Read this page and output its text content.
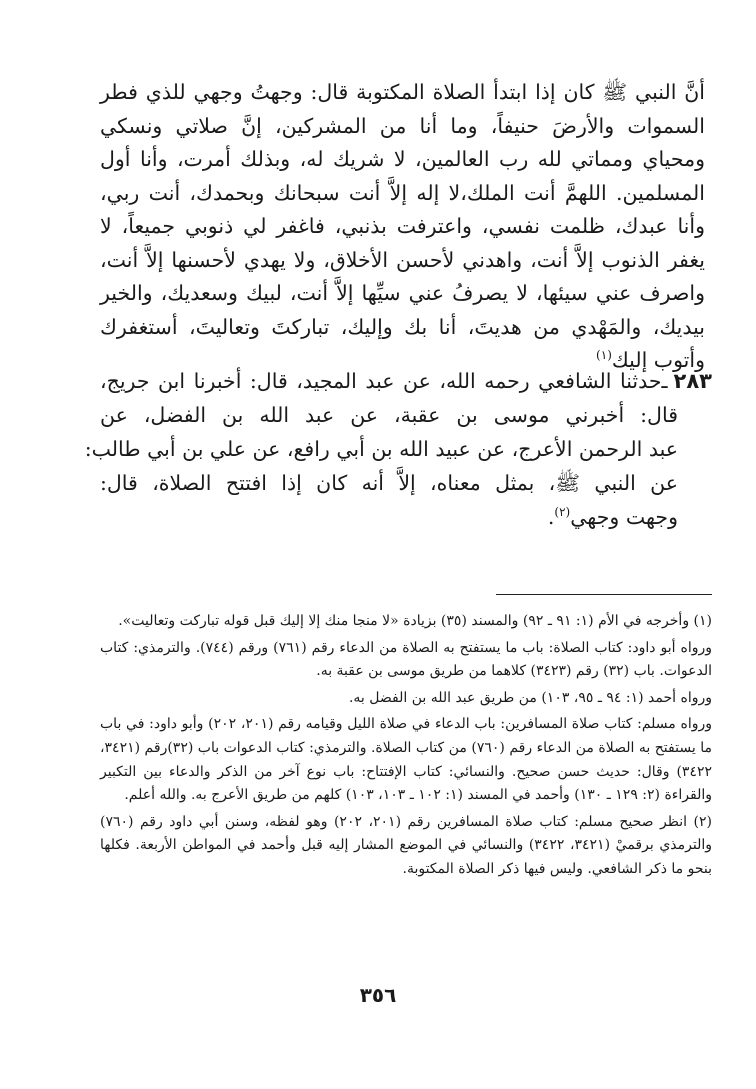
أنَّ النبي ﷺ كان إذا ابتدأ الصلاة المكتوبة قال: وجهتُ وجهي للذي فطر السموات والأرضَ حنيفاً، وما أنا من المشركين، إنَّ صلاتي ونسكي ومحياي ومماتي لله رب العالمين، لا شريك له، وبذلك أمرت، وأنا أول المسلمين. اللهمَّ أنت الملك،لا إله إلاَّ أنت سبحانك وبحمدك، أنت ربي، وأنا عبدك، ظلمت نفسي، واعترفت بذنبي، فاغفر لي ذنوبي جميعاً، لا يغفر الذنوب إلاَّ أنت، واهدني لأحسن الأخلاق، ولا يهدي لأحسنها إلاَّ أنت، واصرف عني سيئها، لا يصرفُ عني سيِّها إلاَّ أنت، لبيك وسعديك، والخير بيديك، والمَهْدي من هديتَ، أنا بك وإليك، تباركتَ وتعاليتَ، أستغفرك وأتوب إليك$^{(١)}$

٢٨٣ـ
حدثنا الشافعي رحمه الله، عن عبد المجيد، قال: أخبرنا ابن جريج،
قال: أخبرني موسى بن عقبة، عن عبد الله بن الفضل، عن
عبد الرحمن الأعرج، عن عبيد الله بن أبي رافع، عن علي بن أبي طالب:
عن النبي ﷺ، بمثل معناه، إلاَّ أنه كان إذا افتتح الصلاة، قال:
وجهت وجهي$^{(٢)}$.

(١) وأخرجه في الأم (١: ٩١ ـ ٩٢) والمسند (٣٥) بزيادة «لا منجا منك إلا إليك قبل قوله تباركت وتعاليت».

ورواه أبو داود: كتاب الصلاة: باب ما يستفتح به الصلاة من الدعاء رقم (٧٦١) ورقم (٧٤٤). والترمذي: كتاب الدعوات. باب (٣٢) رقم (٣٤٢٣) كلاهما من طريق موسى بن عقبة به.

ورواه أحمد (١: ٩٤ ـ ٩٥، ١٠٣) من طريق عبد الله بن الفضل به.

ورواه مسلم: كتاب صلاة المسافرين: باب الدعاء في صلاة الليل وقيامه رقم (٢٠١، ٢٠٢) وأبو داود: في باب ما يستفتح به الصلاة من الدعاء رقم (٧٦٠) من كتاب الصلاة. والترمذي: كتاب الدعوات باب (٣٢)رقم (٣٤٢١، ٣٤٢٢) وقال: حديث حسن صحيح. والنسائي: كتاب الإفتتاح: باب نوع آخر من الذكر والدعاء بين التكبير والقراءة (٢: ١٢٩ ـ ١٣٠) وأحمد في المسند (١: ١٠٢ ـ ١٠٣، ١٠٣) كلهم من طريق الأعرج به. والله أعلم.

(٢) انظر صحيح مسلم: كتاب صلاة المسافرين رقم (٢٠١، ٢٠٢) وهو لفظه، وسنن أبي داود رقم (٧٦٠) والترمذي برقميْ (٣٤٢١، ٣٤٢٢) والنسائي في الموضع المشار إليه قبل وأحمد في المواطن الأربعة. فكلها بنحو ما ذكر الشافعي. وليس فيها ذكر الصلاة المكتوبة.

٣٥٦
